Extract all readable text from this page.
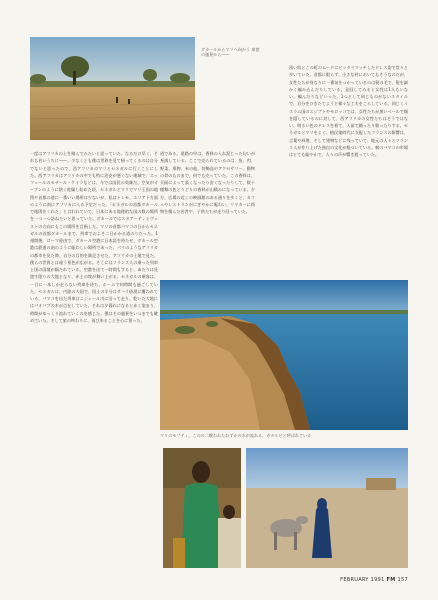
ダカールからマリへ向かう 車窓の風景から――
一度はアフリカの土を踏んでみたいと思っていた。なるだけ早く、それも若いうちに――。少なくとも僕は世界を見て帰ってくるのは自分でないと思ったので、西アフリカのマリとセネガルに行くことにした。西アフリカはアフリカの中でも特に治安が悪くない地域で、エッフェールのセザール・ケイラなどは、今では国民の英雄だ。空気がオーブンのように熱く乾燥し始めた頃、セネガルとマリでマリ王国の地図や首都の道に一番いい場所は少ないが、私はトレモ、エリアト方面のように南にアフリカに入る予定だった。「セネガルの首都ダカールで地図をくれた」と言われていて、日本にある地理的な国の数の場所を一つ一つ訪ねたいと思っていた。ダカールではスタアーティとヴェストの方向にもこの場所を目指した。マリの首都バマコの日からセネガルの首都ダカールまで、列車でおよそ二日かかる道のりだった。1週間後、ローマ経由で、ダカール空港に日本語を持たせ、ダカール空港は鉄道の南のように賑わしい場所であった。パリのようなアフリカの都市を見た時、自分の目的を満足させた。アフリカの土地で見た、僕らの世界とは違う景色が広がる。そこにはフランス人の乗った列車と国の国境が隔たれている。空港を出て一時間もすると、あたりは見渡す限りの大地となり、赤土の埃が舞い上がる。セネガルの乗客は、一日に一本しか走らない列車を待ち、ホームで何時間も過ごしていた。セネガルは、内陸の大国で、国土の半分はサハラ砂漠に覆われている。バマコを出た列車はニジェール川に沿って走り、乾いた大地にはバオバブの木が点在していた。それは夕暮れになると赤く染まり、時間がゆっくり流れていくのを感じた。僕はその風景をいつまでも眺めていた。そして旅の終わりに、再び来ることを心に誓った。
道である。道路の中は、香料の入れ混じった匂いが充満している。ここで売られているのは、魚、肉、野菜、果物、米の他、装飾品やアクセサリー、動物の骨のものまで、何でも売っていた。この香料は、天候によって高くなったり安くなったりして、数十種類の色とりどりの香料が山積みになっている。夕方、広場の近くの映画館のある通りを歩くと、カフェやレストランがにぎやかに賑わい、リヤカーに荷物を積んだ若者や、子供たちが走り回っていた。
黒い肌とこの町のムードにピッタリマッチしたドレス姿で堂々と歩いていた。首都に限らず、小さな村においてもそうなのだが、女性たちが身なりに一番気をつかっているのは髪の毛で、髪を細かく編み込んだりしている。見回してみると女性は1人もいない。編んだりなどいった。1つとして同じものがないスタイルで、自分をひきたてようと様々な工夫をこらしている。同じくイスラム国のエジプトやモロッコでは、女性たちが黒いベールで顔を隠しているのに対して、西アフリカの女性たちはそうではない。明るい色のドレスを着て、人前で踊ったり歌ったりする。セネガルとマリをよく、植民地時代に支配したフランスの影響は、言葉や料理、そして建物などに残っていて、地元の人々とフランス人が作り上げた独自の文化が根づいている。朝のバマコの市場はとても賑やかで、人々の声が響き渡っていた。
マリのモプティ。このの二艘われたわずかの水が流れる、ガタルビと呼ばれている
FEBRUARY 1991 FM 157
